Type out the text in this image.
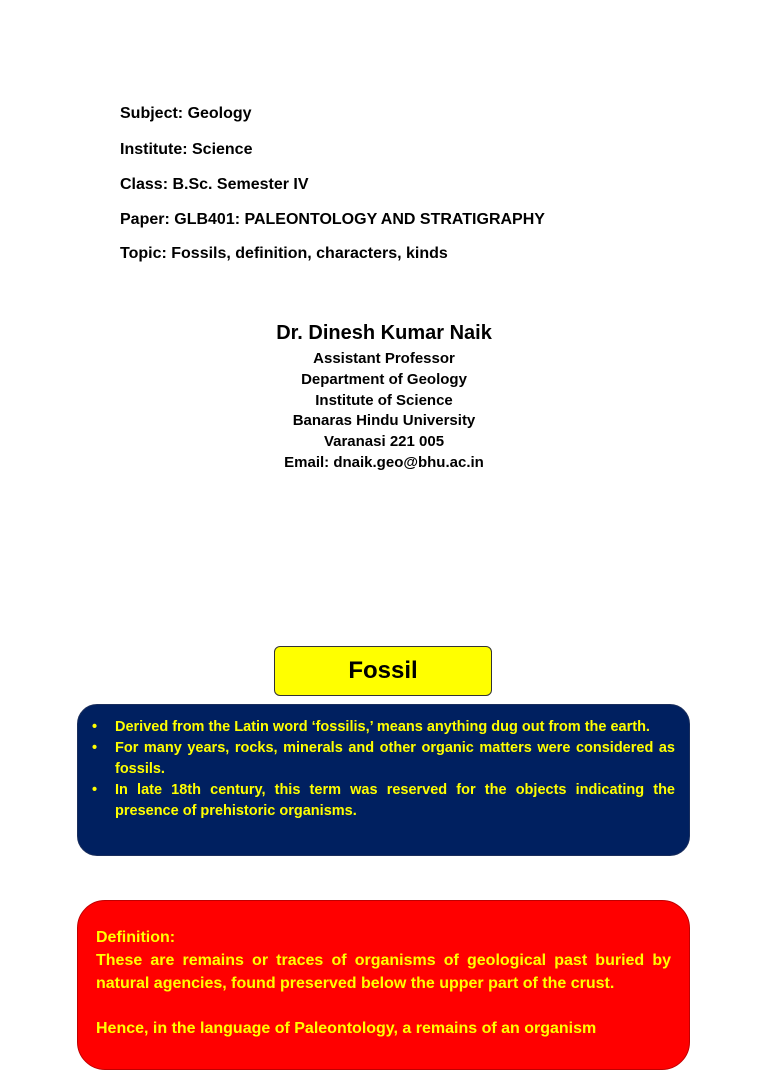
Subject: Geology
Institute: Science
Class: B.Sc. Semester IV
Paper: GLB401: PALEONTOLOGY AND STRATIGRAPHY
Topic: Fossils, definition, characters, kinds
Dr. Dinesh Kumar Naik
Assistant Professor
Department of Geology
Institute of Science
Banaras Hindu University
Varanasi 221 005
Email: dnaik.geo@bhu.ac.in
Fossil
• Derived from the Latin word ‘fossilis,’ means anything dug out from the earth.
• For many years, rocks, minerals and other organic matters were considered as fossils.
• In late 18th century, this term was reserved for the objects indicating the presence of prehistoric organisms.

Definition:

These are remains or traces of organisms of geological past buried by natural agencies, found preserved below the upper part of the crust.

Hence, in the language of Paleontology, a remains of an organism
